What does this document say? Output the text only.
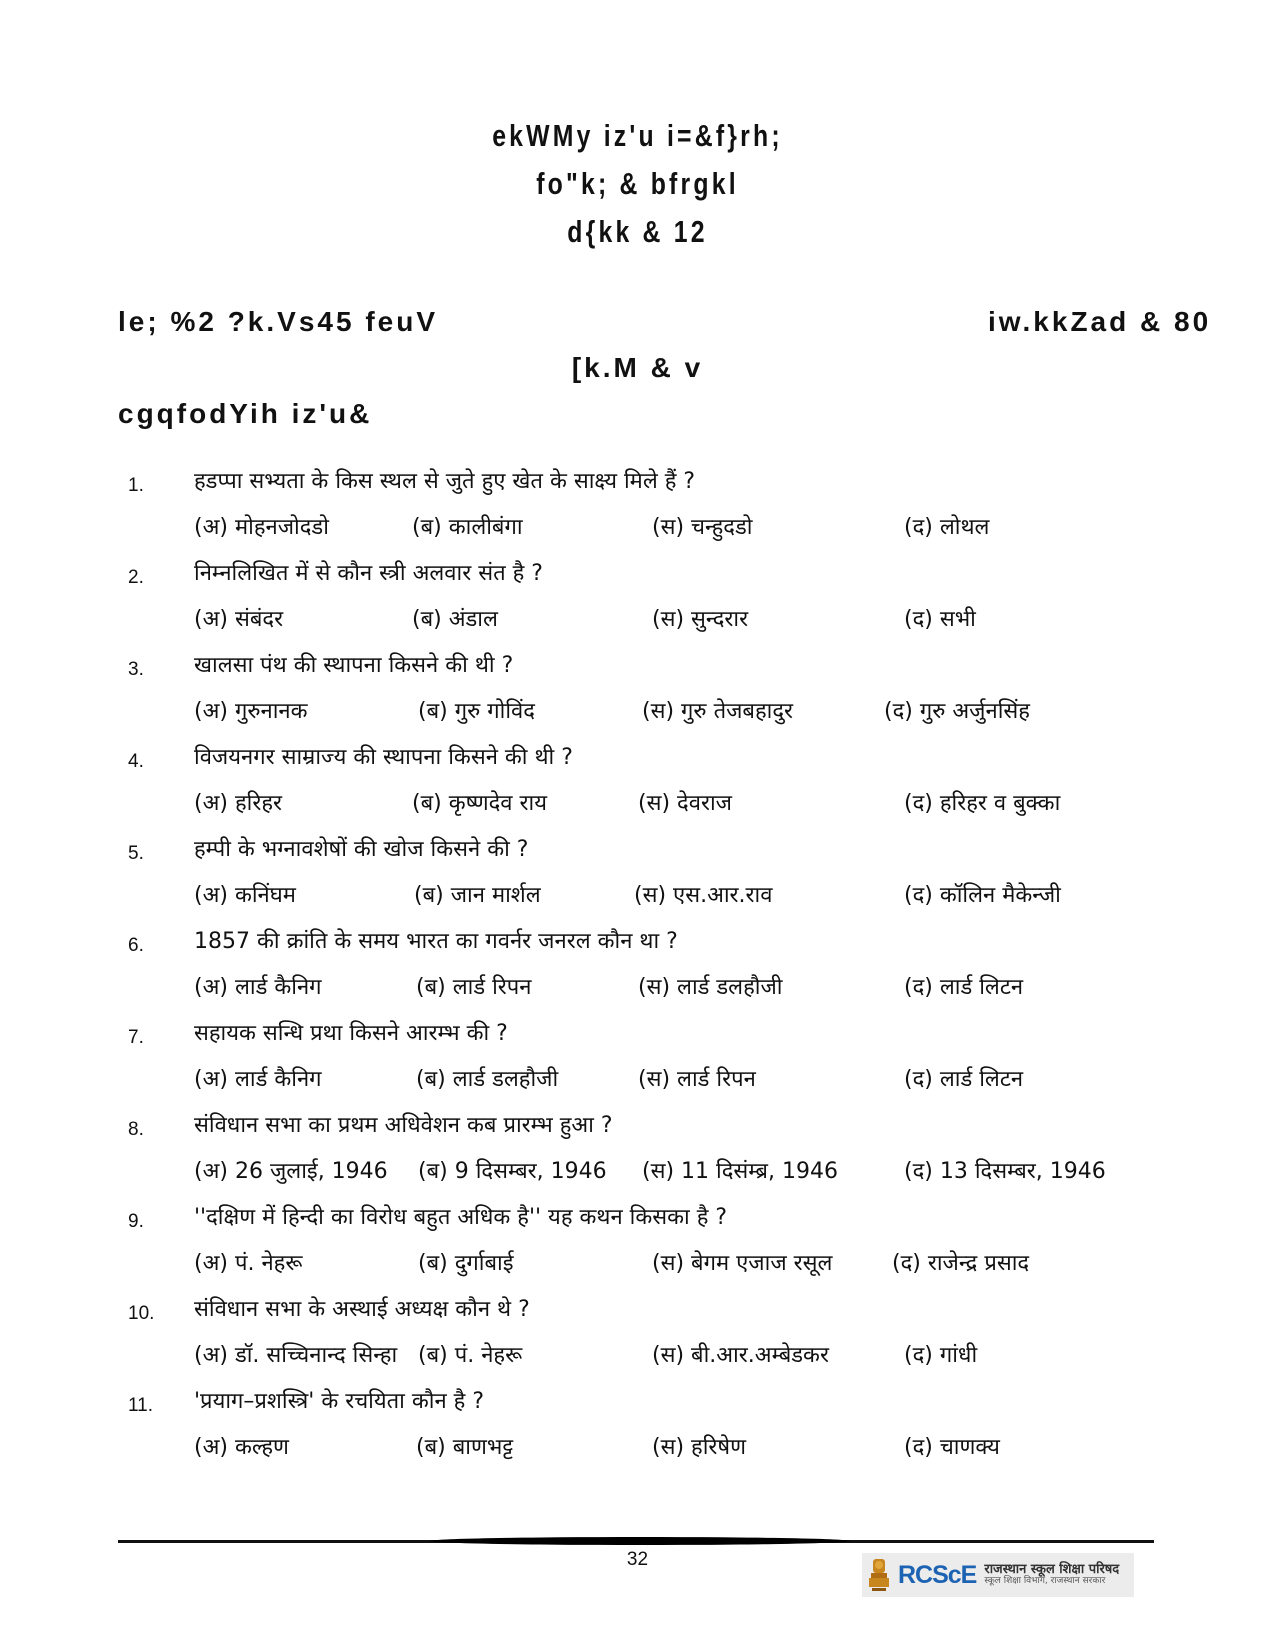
ekWMy iz'u i=&f}rh;
fo"k; & bfrgkl
d{kk & 12
le; %2 ?k.Vs45 feuV	iw.kkZad & 80
[k.M & v
cgqfodYih iz'u&
1. हडप्पा सभ्यता के किस स्थल से जुते हुए खेत के साक्ष्य मिले हैं ?
(अ) मोहनजोदडो	(ब) कालीबंगा	(स) चन्हुदडो	(द) लोथल
2. निम्नलिखित में से कौन स्त्री अलवार संत है ?
(अ) संबंदर	(ब) अंडाल	(स) सुन्दरार	(द) सभी
3. खालसा पंथ की स्थापना किसने की थी ?
(अ) गुरुनानक	(ब) गुरु गोविंद	(स) गुरु तेजबहादुर	(द) गुरु अर्जुनसिंह
4. विजयनगर साम्राज्य की स्थापना किसने की थी ?
(अ) हरिहर	(ब) कृष्णदेव राय	(स) देवराज	(द) हरिहर व बुक्का
5. हम्पी के भग्नावशेषों की खोज किसने की ?
(अ) कनिंघम	(ब) जान मार्शल	(स) एस.आर.राव	(द) कॉलिन मैकेन्जी
6. 1857 की क्रांति के समय भारत का गवर्नर जनरल कौन था ?
(अ) लार्ड कैनिग	(ब) लार्ड रिपन	(स) लार्ड डलहौजी	(द) लार्ड लिटन
7. सहायक सन्धि प्रथा किसने आरम्भ की ?
(अ) लार्ड कैनिग	(ब) लार्ड डलहौजी	(स) लार्ड रिपन	(द) लार्ड लिटन
8. संविधान सभा का प्रथम अधिवेशन कब प्रारम्भ हुआ ?
(अ) 26 जुलाई, 1946 (ब) 9 दिसम्बर, 1946 (स) 11 दिसंम्ब्र, 1946	(द) 13 दिसम्बर, 1946
9. ''दक्षिण में हिन्दी का विरोध बहुत अधिक है'' यह कथन किसका है ?
(अ) पं. नेहरू	(ब) दुर्गाबाई	(स) बेगम एजाज रसूल	(द) राजेन्द्र प्रसाद
10. संविधान सभा के अस्थाई अध्यक्ष कौन थे ?
(अ) डॉ. सच्चिनान्द सिन्हा (ब) पं. नेहरू	(स) बी.आर.अम्बेडकर	(द) गांधी
11. 'प्रयाग–प्रशस्त्रि' के रचयिता कौन है ?
(अ) कल्हण	(ब) बाणभट्ट	(स) हरिषेण	(द) चाणक्य
32
RCScE राजस्थान स्कूल शिक्षा परिषद
स्कूल शिक्षा विभाग, राजस्थान सरकार
